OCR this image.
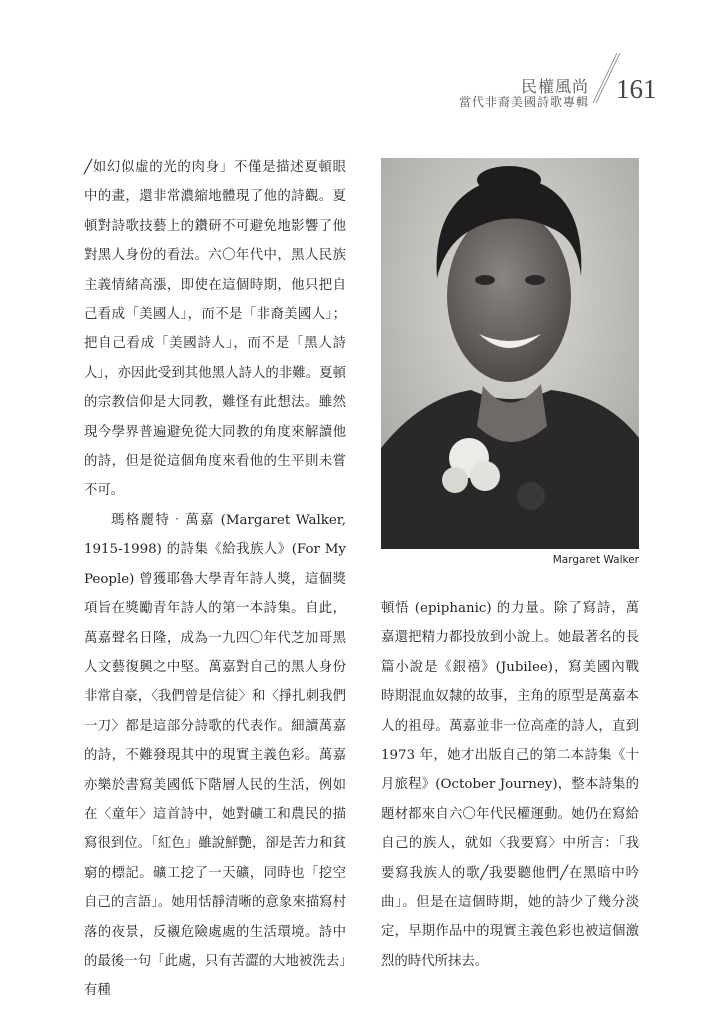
民權風尚
當代非裔美國詩歌專輯 161

╱如幻似虛的光的肉身」不僅是描述夏頓眼中的畫，還非常濃縮地體現了他的詩觀。夏頓對詩歌技藝上的鑽研不可避免地影響了他對黑人身份的看法。六〇年代中，黑人民族主義情緒高漲，即使在這個時期，他只把自己看成「美國人」，而不是「非裔美國人」；把自己看成「美國詩人」，而不是「黑人詩人」，亦因此受到其他黑人詩人的非難。夏頓的宗教信仰是大同教，難怪有此想法。雖然現今學界普遍避免從大同教的角度來解讀他的詩，但是從這個角度來看他的生平則未嘗不可。

瑪格麗特‧萬嘉 (Margaret Walker, 1915-1998) 的詩集《給我族人》(For My People) 曾獲耶魯大學青年詩人獎，這個獎項旨在獎勵青年詩人的第一本詩集。自此，萬嘉聲名日隆，成為一九四〇年代芝加哥黑人文藝復興之中堅。萬嘉對自己的黑人身份非常自豪，〈我們曾是信徒〉和〈掙扎刺我們一刀〉都是這部分詩歌的代表作。細讀萬嘉的詩，不難發現其中的現實主義色彩。萬嘉亦樂於書寫美國低下階層人民的生活，例如在〈童年〉這首詩中，她對礦工和農民的描寫很到位。「紅色」雖說鮮艷，卻是苦力和貧窮的標記。礦工挖了一天礦，同時也「挖空自己的言語」。她用恬靜清晰的意象來描寫村落的夜景，反襯危險處處的生活環境。詩中的最後一句「此處，只有苦澀的大地被洗去」有種

Margaret Walker

頓悟 (epiphanic) 的力量。除了寫詩，萬嘉還把精力都投放到小說上。她最著名的長篇小說是《銀禧》(Jubilee)，寫美國內戰時期混血奴隸的故事，主角的原型是萬嘉本人的祖母。萬嘉並非一位高產的詩人，直到 1973 年，她才出版自己的第二本詩集《十月旅程》(October Journey)，整本詩集的題材都來自六〇年代民權運動。她仍在寫給自己的族人，就如〈我要寫〉中所言：「我要寫我族人的歌╱我要聽他們╱在黑暗中吟曲」。但是在這個時期，她的詩少了幾分淡定，早期作品中的現實主義色彩也被這個激烈的時代所抹去。
